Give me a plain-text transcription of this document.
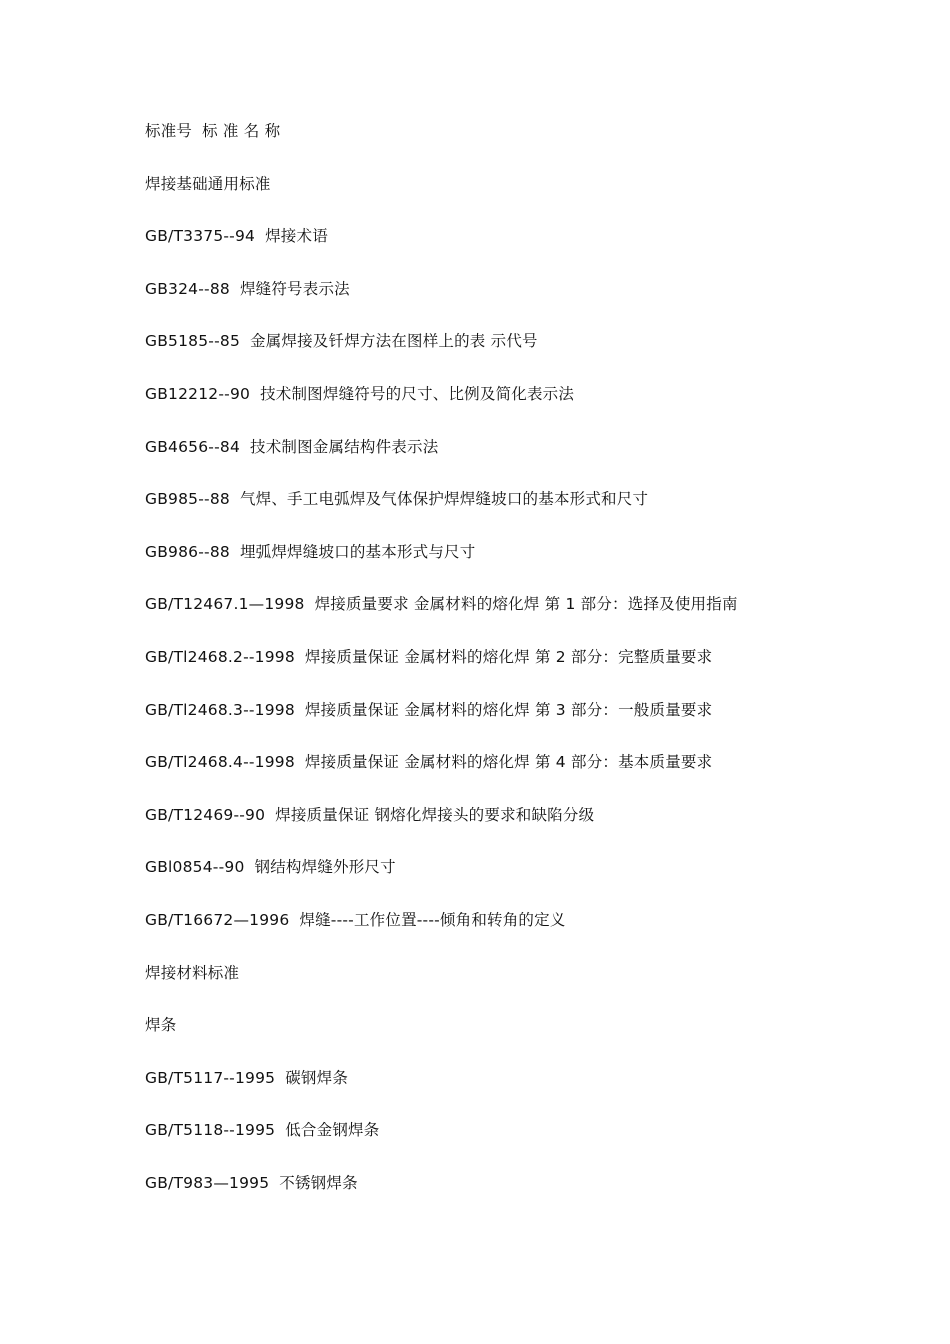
标准号 标 准 名 称
焊接基础通用标准
GB/T3375--94 焊接术语
GB324--88 焊缝符号表示法
GB5185--85 金属焊接及钎焊方法在图样上的表 示代号
GB12212--90 技术制图焊缝符号的尺寸、比例及简化表示法
GB4656--84 技术制图金属结构件表示法
GB985--88 气焊、手工电弧焊及气体保护焊焊缝坡口的基本形式和尺寸
GB986--88 埋弧焊焊缝坡口的基本形式与尺寸
GB/T12467.1—1998 焊接质量要求 金属材料的熔化焊 第 1 部分：选择及使用指南
GB/Tl2468.2--1998 焊接质量保证 金属材料的熔化焊 第 2 部分：完整质量要求
GB/Tl2468.3--1998 焊接质量保证 金属材料的熔化焊 第 3 部分：一般质量要求
GB/Tl2468.4--1998 焊接质量保证 金属材料的熔化焊 第 4 部分：基本质量要求
GB/T12469--90 焊接质量保证 钢熔化焊接头的要求和缺陷分级
GBl0854--90 钢结构焊缝外形尺寸
GB/T16672—1996 焊缝----工作位置----倾角和转角的定义
焊接材料标准
焊条
GB/T5117--1995 碳钢焊条
GB/T5118--1995 低合金钢焊条
GB/T983—1995 不锈钢焊条
